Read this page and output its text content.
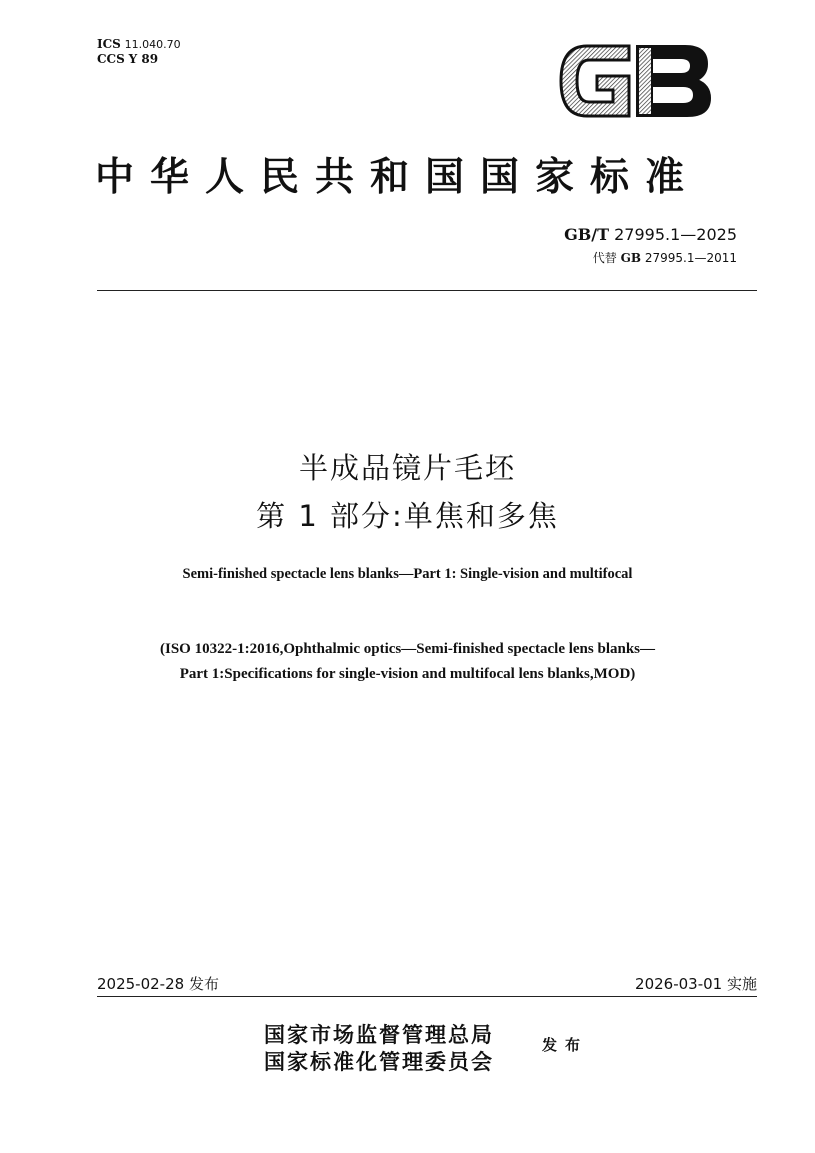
ICS 11.040.70
CCS Y 89
中华人民共和国国家标准
GB/T 27995.1—2025
代替 GB 27995.1—2011
半成品镜片毛坯
第 1 部分:单焦和多焦
Semi-finished spectacle lens blanks—Part 1: Single-vision and multifocal
(ISO 10322-1:2016,Ophthalmic optics—Semi-finished spectacle lens blanks—
Part 1:Specifications for single-vision and multifocal lens blanks,MOD)
2025-02-28 发布	2026-03-01 实施
国家市场监督管理总局
国家标准化管理委员会
发布
